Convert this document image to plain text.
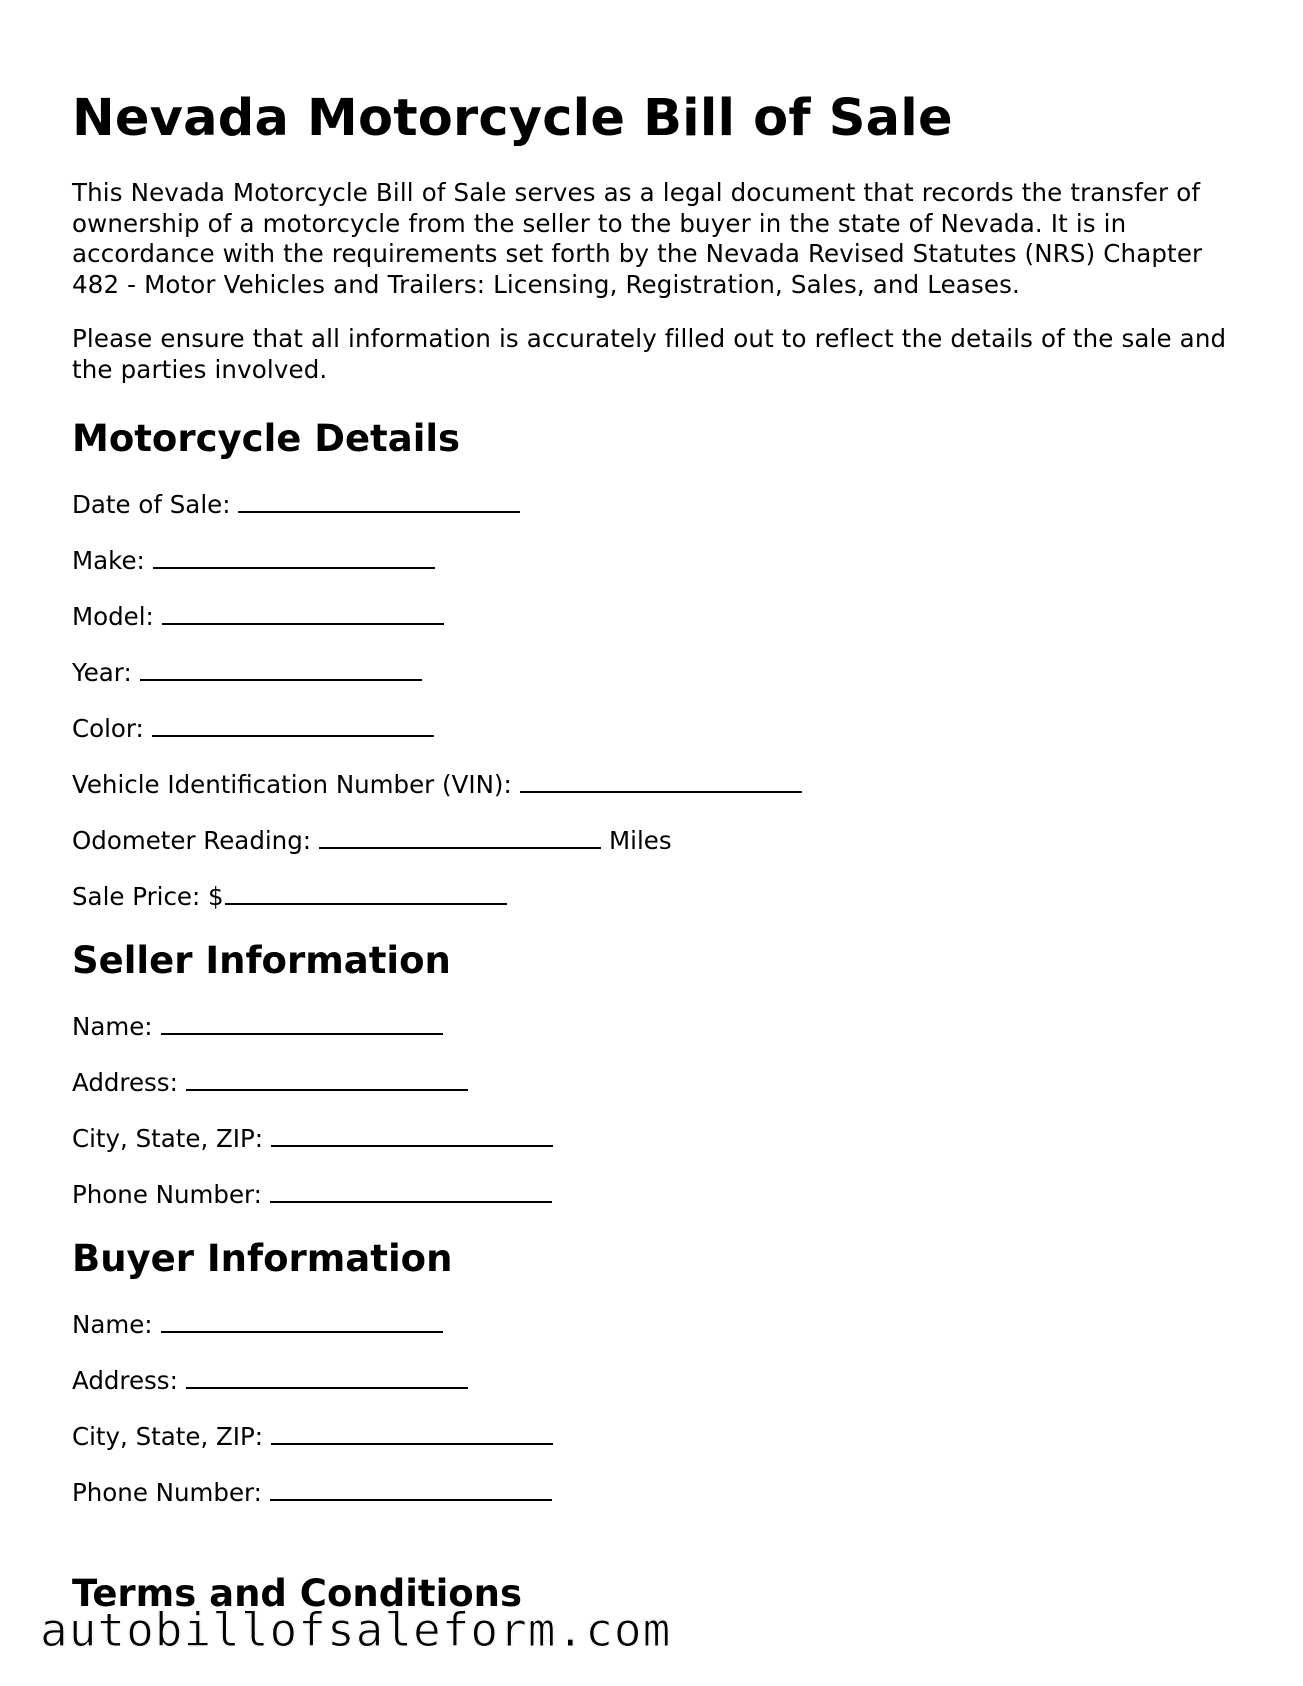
Nevada Motorcycle Bill of Sale

This Nevada Motorcycle Bill of Sale serves as a legal document that records the transfer of ownership of a motorcycle from the seller to the buyer in the state of Nevada. It is in accordance with the requirements set forth by the Nevada Revised Statutes (NRS) Chapter 482 - Motor Vehicles and Trailers: Licensing, Registration, Sales, and Leases.

Please ensure that all information is accurately filled out to reflect the details of the sale and the parties involved.

Motorcycle Details
Date of Sale:
Make:
Model:
Year:
Color:
Vehicle Identification Number (VIN):
Odometer Reading:	Miles
Sale Price: $
Seller Information
Name:
Address:
City, State, ZIP:
Phone Number:
Buyer Information
Name:
Address:
City, State, ZIP:
Phone Number:
Terms and Conditions
autobillofsaleform.com
